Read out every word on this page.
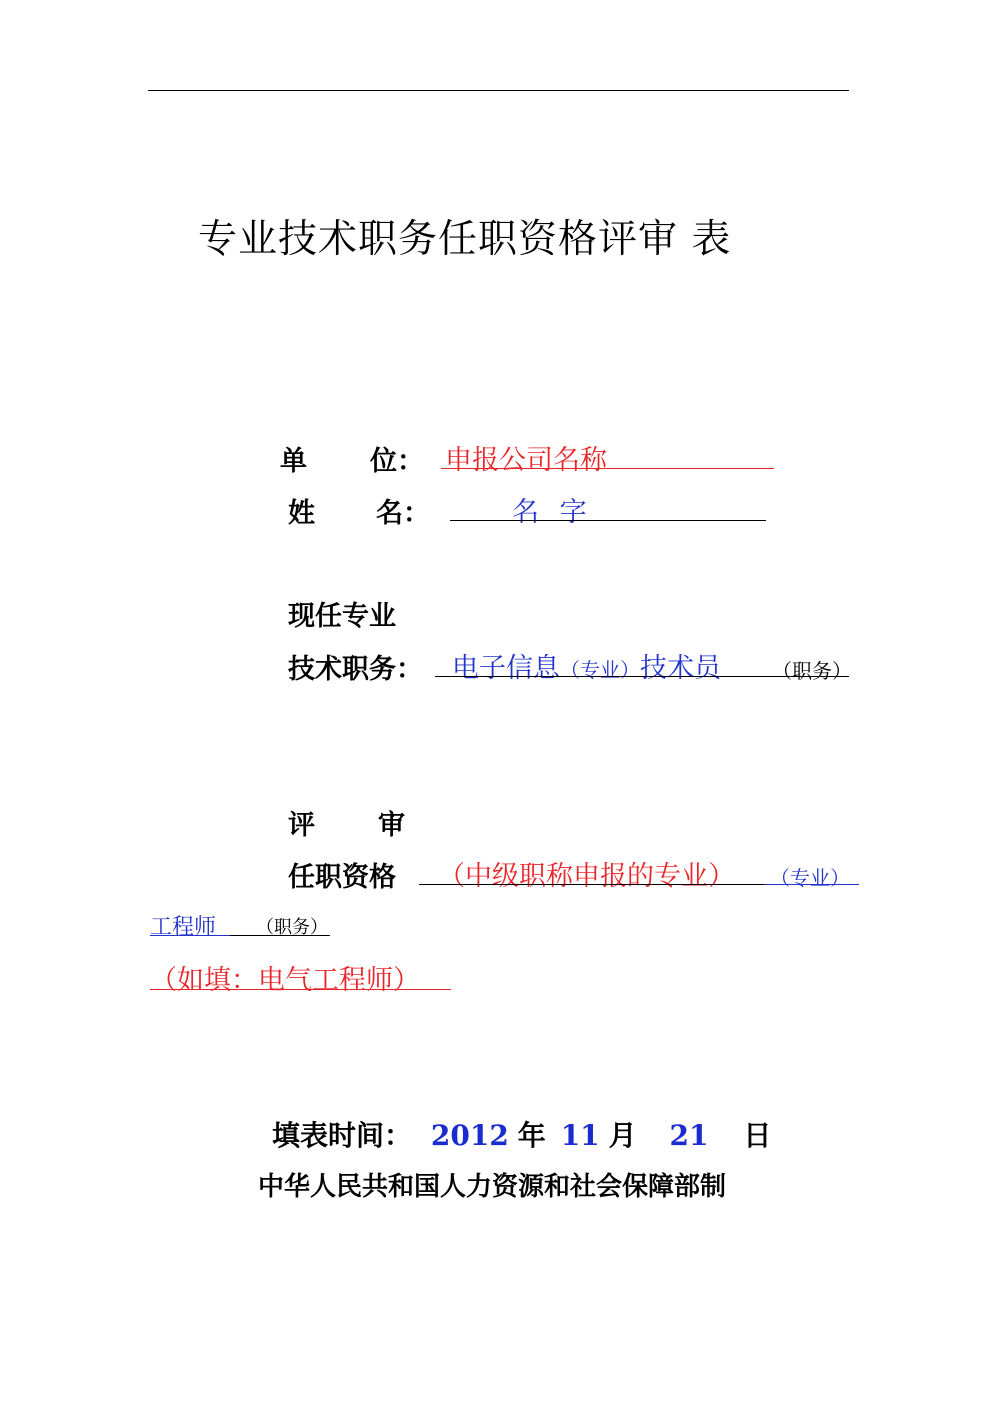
专业技术职务任职资格评审 表
单 位： 申报公司名称
姓 名：	名 字
现任专业
技术职务： 电子信息（专业）技术员	（职务）
评 审
任职资格 （中级职称申报的专业） （专业）
工程师 （职务）
（如填：电气工程师）
填表时间： 2012 年 11 月 21 日
中华人民共和国人力资源和社会保障部制
